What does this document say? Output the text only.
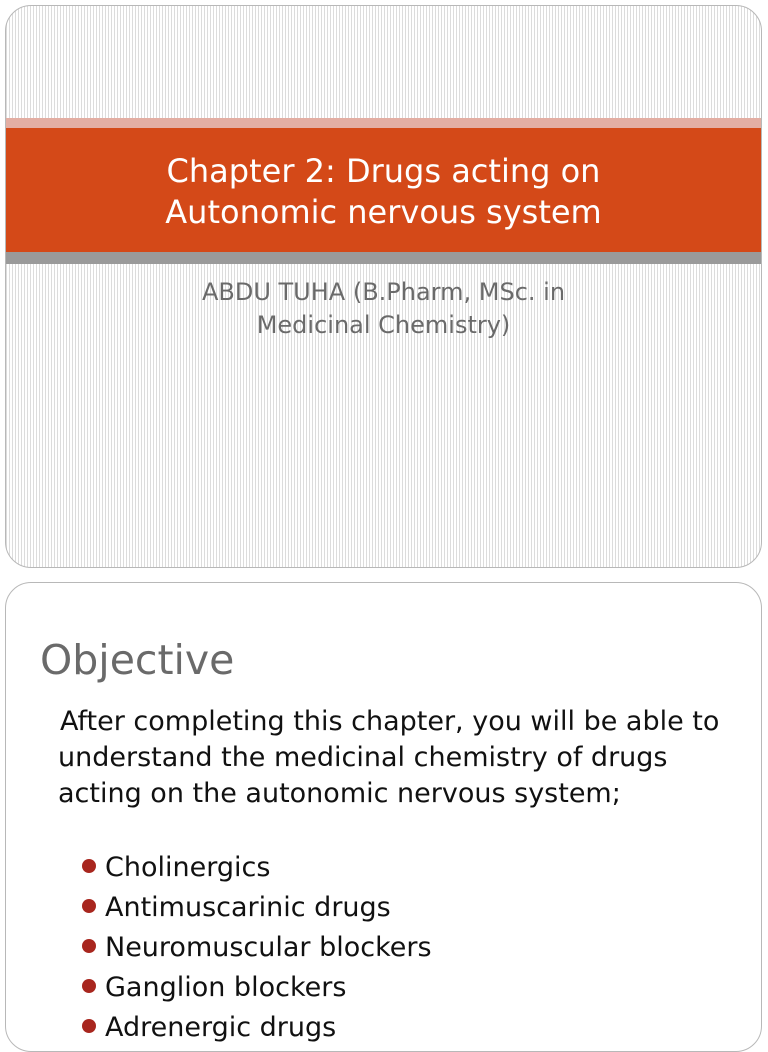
Chapter 2: Drugs acting on
Autonomic nervous system
ABDU TUHA (B.Pharm, MSc. in
Medicinal Chemistry)
Objective
After completing this chapter, you will be able to understand the medicinal chemistry of drugs acting on the autonomic nervous system;
Cholinergics
Antimuscarinic drugs
Neuromuscular blockers
Ganglion blockers
Adrenergic drugs
